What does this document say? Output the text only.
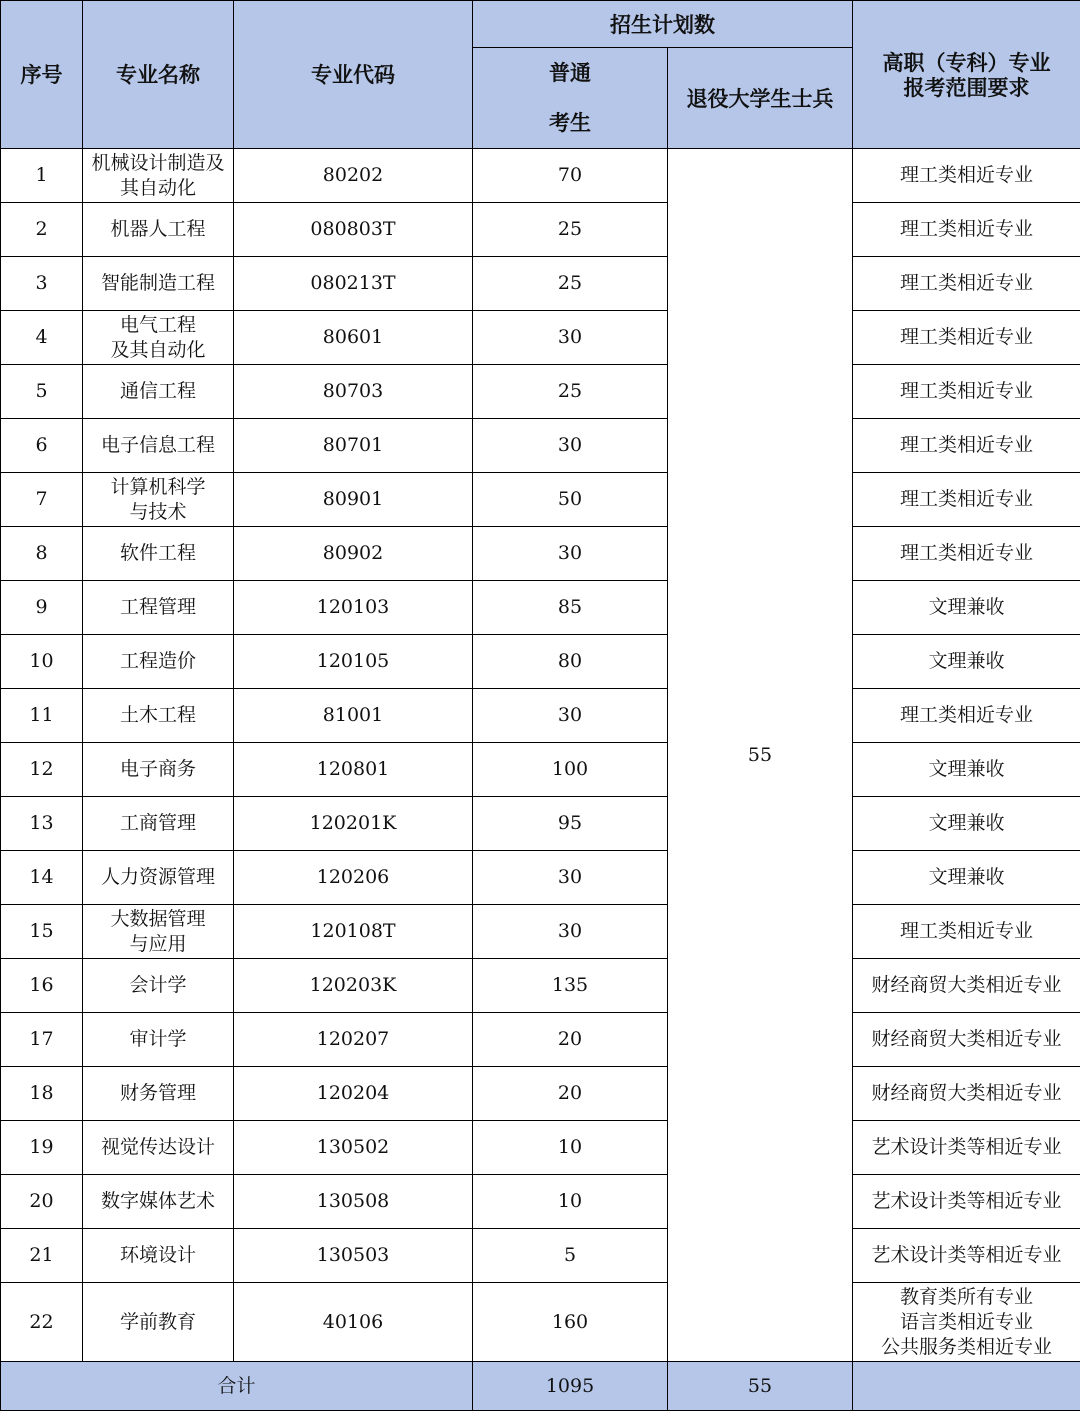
序号	专业名称	专业代码	招生计划数		高职（专科）专业
报考范围要求

			普通
考生	退役大学生士兵	
1	机械设计制造及
其自动化	80202	70	55	理工类相近专业

2	机器人工程	080803T	25		理工类相近专业

3	智能制造工程	080213T	25		理工类相近专业

4	电气工程
及其自动化	80601	30		理工类相近专业

5	通信工程	80703	25		理工类相近专业

6	电子信息工程	80701	30		理工类相近专业

7	计算机科学
与技术	80901	50		理工类相近专业

8	软件工程	80902	30		理工类相近专业

9	工程管理	120103	85		文理兼收

10	工程造价	120105	80		文理兼收

11	土木工程	81001	30		理工类相近专业

12	电子商务	120801	100		文理兼收

13	工商管理	120201K	95		文理兼收

14	人力资源管理	120206	30		文理兼收

15	大数据管理
与应用	120108T	30		理工类相近专业

16	会计学	120203K	135		财经商贸大类相近专业

17	审计学	120207	20		财经商贸大类相近专业

18	财务管理	120204	20		财经商贸大类相近专业

19	视觉传达设计	130502	10		艺术设计类等相近专业

20	数字媒体艺术	130508	10		艺术设计类等相近专业

21	环境设计	130503	5		艺术设计类等相近专业

22	学前教育	40106	160		教育类所有专业
语言类相近专业
公共服务类相近专业

合计			1095	55	
